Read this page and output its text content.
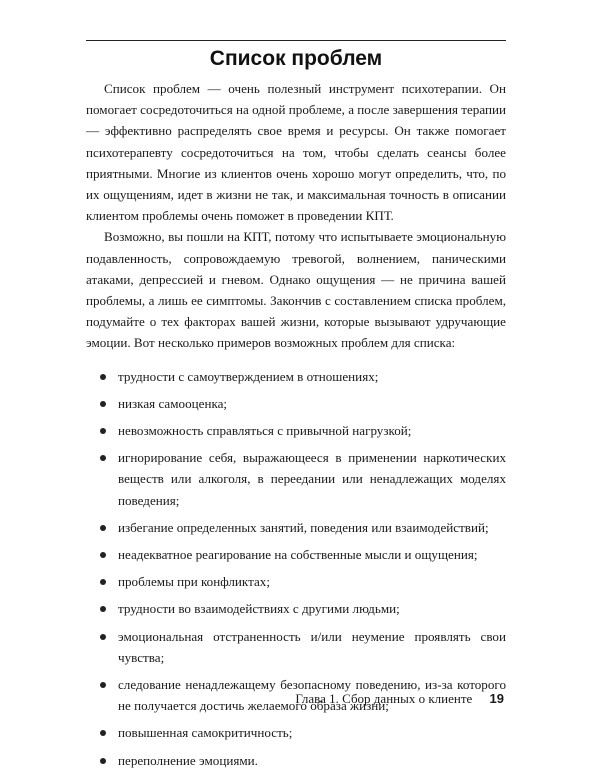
Список проблем

Список проблем — очень полезный инструмент психотерапии. Он помогает сосредоточиться на одной проблеме, а после завершения терапии — эффективно распределять свое время и ресурсы. Он также помогает психотерапевту сосредоточиться на том, чтобы сделать сеансы более приятными. Многие из клиентов очень хорошо могут определить, что, по их ощущениям, идет в жизни не так, и максимальная точность в описании клиентом проблемы очень поможет в проведении КПТ.

Возможно, вы пошли на КПТ, потому что испытываете эмоциональную подавленность, сопровождаемую тревогой, волнением, паническими атаками, депрессией и гневом. Однако ощущения — не причина вашей проблемы, а лишь ее симптомы. Закончив с составлением списка проблем, подумайте о тех факторах вашей жизни, которые вызывают удручающие эмоции. Вот несколько примеров возможных проблем для списка:

трудности с самоутверждением в отношениях;
низкая самооценка;
невозможность справляться с привычной нагрузкой;
игнорирование себя, выражающееся в применении наркотических веществ или алкоголя, в переедании или ненадлежащих моделях поведения;
избегание определенных занятий, поведения или взаимодействий;
неадекватное реагирование на собственные мысли и ощущения;
проблемы при конфликтах;
трудности во взаимодействиях с другими людьми;
эмоциональная отстраненность и/или неумение проявлять свои чувства;
следование ненадлежащему безопасному поведению, из-за которого не получается достичь желаемого образа жизни;
повышенная самокритичность;
переполнение эмоциями.
Глава 1. Сбор данных о клиенте 19
